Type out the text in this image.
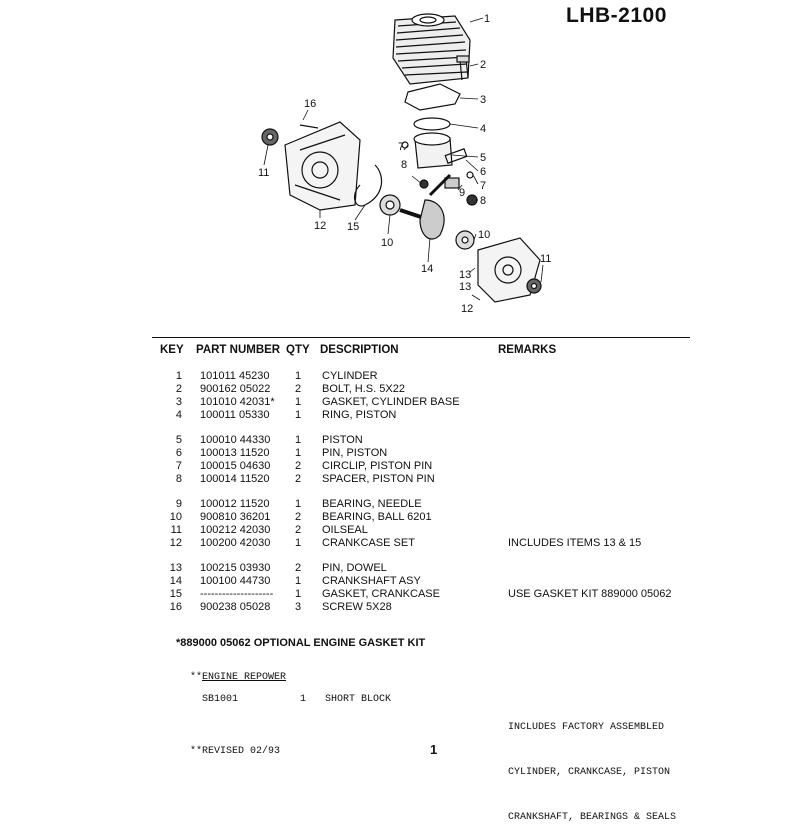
LHB-2100
1
2
3
4
5
6
9
16
11
12 15
10
14 13
7
8
7
8
10
11
12
13
KEY PART NUMBER QTY DESCRIPTION	REMARKS
1 101011 45230 1 CYLINDER
2 900162 05022 2 BOLT, H.S. 5X22
3 101010 42031* 1 GASKET, CYLINDER BASE
4 100011 05330 1 RING, PISTON
5 100010 44330 1 PISTON
6 100013 11520 1 PIN, PISTON
7 100015 04630 2 CIRCLIP, PISTON PIN
8 100014 11520 2 SPACER, PISTON PIN
9 100012 11520 1 BEARING, NEEDLE
10 900810 36201 2 BEARING, BALL 6201
11 100212 42030 2 OILSEAL
12 100200 42030 1 CRANKCASE SET	INCLUDES ITEMS 13 & 15
13 100215 03930 2 PIN, DOWEL
14 100100 44730 1 CRANKSHAFT ASY
15 -------------------- 1 GASKET, CRANKCASE	USE GASKET KIT 889000 05062
16 900238 05028 3 SCREW 5X28
*889000 05062 OPTIONAL ENGINE GASKET KIT
**ENGINE REPOWER
SB1001	1 SHORT BLOCK

INCLUDES FACTORY ASSEMBLED

CYLINDER, CRANKCASE, PISTON

CRANKSHAFT, BEARINGS & SEALS

**REVISED 02/93	1
